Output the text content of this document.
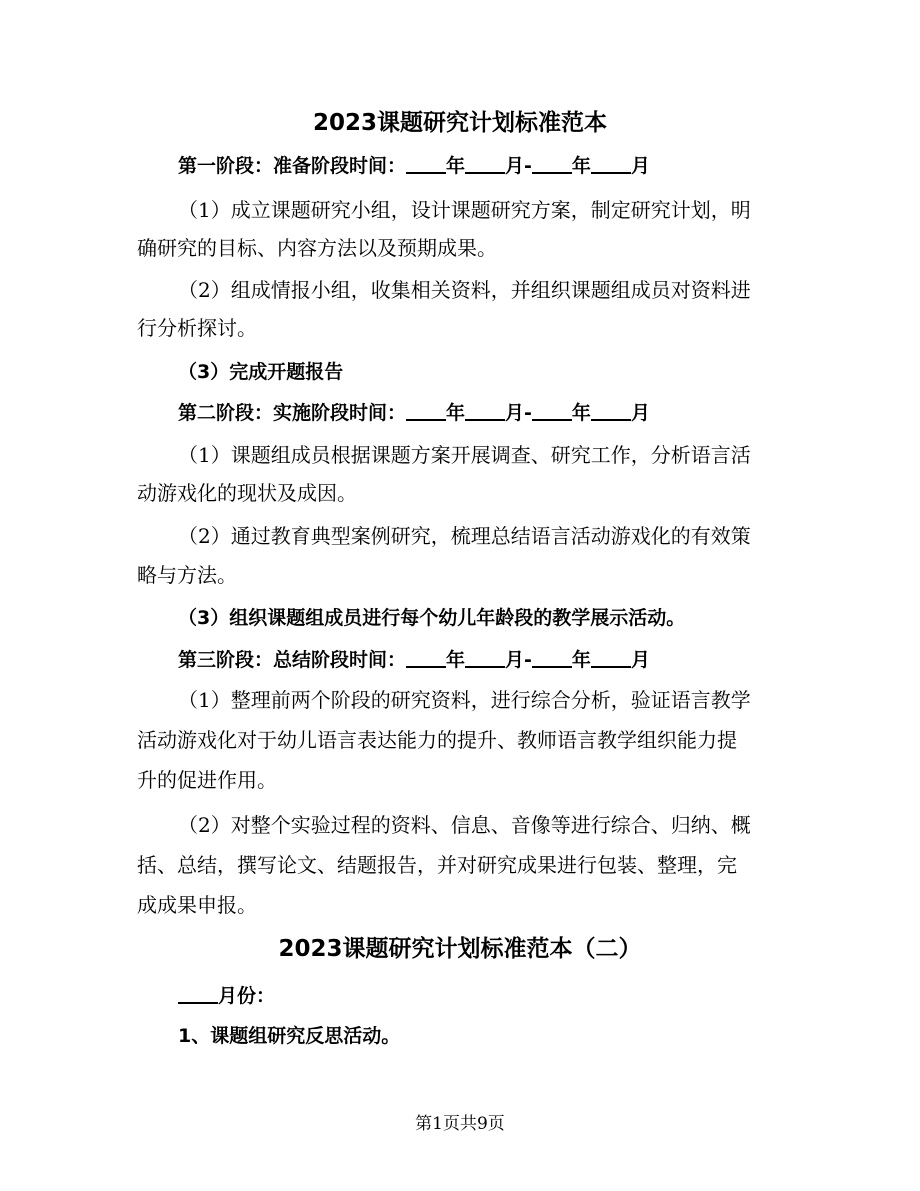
2023课题研究计划标准范本
第一阶段：准备阶段时间： 年 月- 年 月
（1）成立课题研究小组，设计课题研究方案，制定研究计划，明
确研究的目标、内容方法以及预期成果。
（2）组成情报小组，收集相关资料，并组织课题组成员对资料进
行分析探讨。
（3）完成开题报告
第二阶段：实施阶段时间： 年 月- 年 月
（1）课题组成员根据课题方案开展调查、研究工作，分析语言活
动游戏化的现状及成因。
（2）通过教育典型案例研究，梳理总结语言活动游戏化的有效策
略与方法。
（3）组织课题组成员进行每个幼儿年龄段的教学展示活动。
第三阶段：总结阶段时间： 年 月- 年 月
（1）整理前两个阶段的研究资料，进行综合分析，验证语言教学
活动游戏化对于幼儿语言表达能力的提升、教师语言教学组织能力提
升的促进作用。
（2）对整个实验过程的资料、信息、音像等进行综合、归纳、概
括、总结，撰写论文、结题报告，并对研究成果进行包装、整理，完
成成果申报。
2023课题研究计划标准范本（二）
月份：
1、课题组研究反思活动。
第1页共9页
